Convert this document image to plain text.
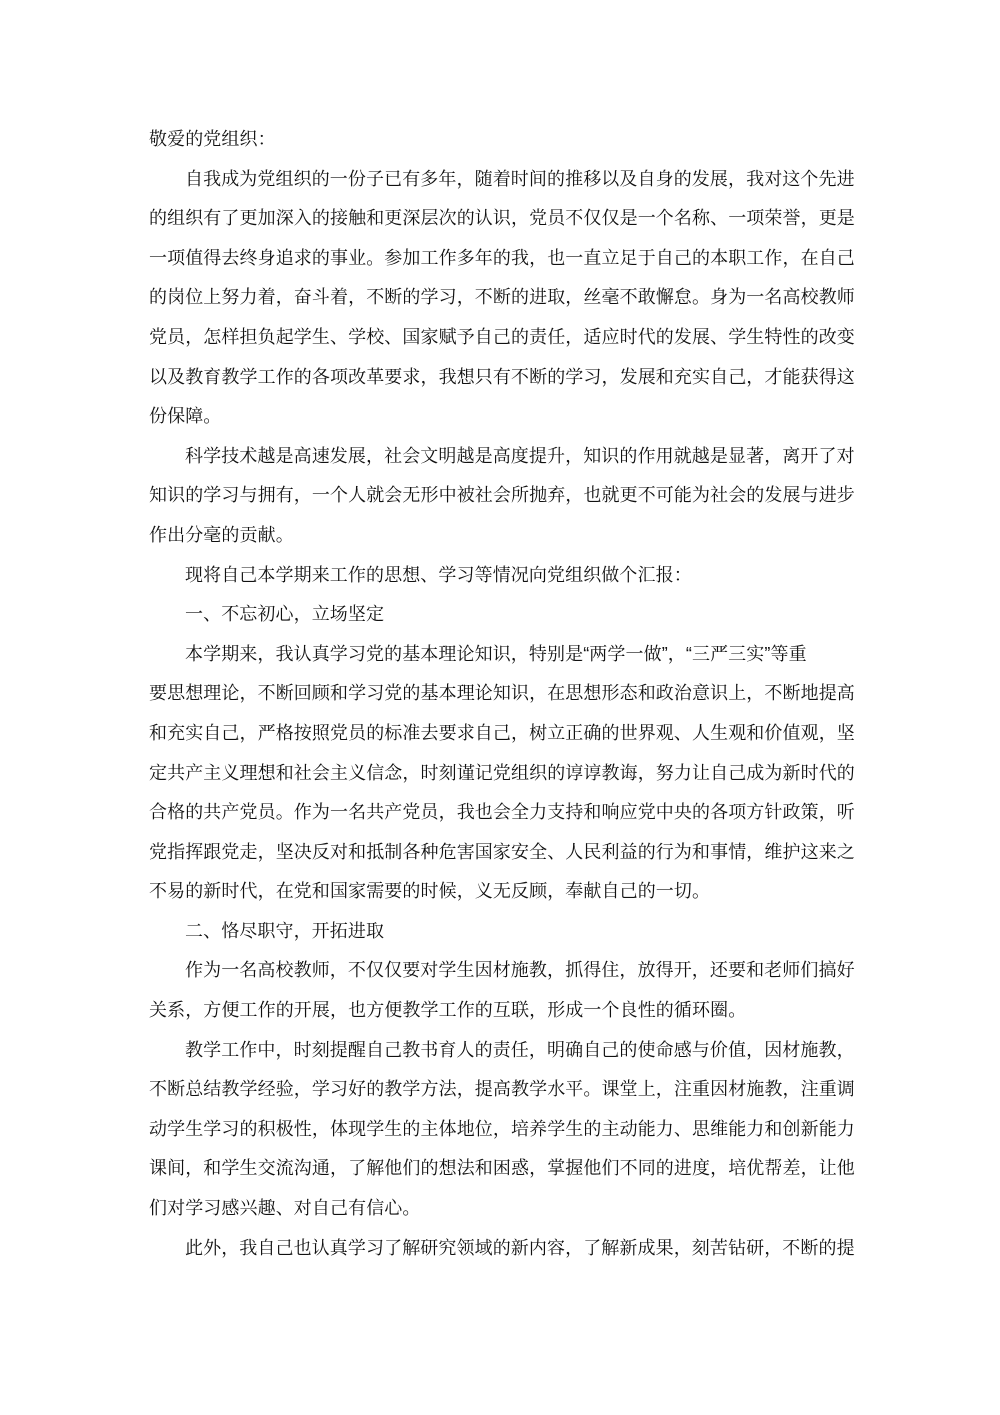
敬爱的党组织：
自我成为党组织的一份子已有多年，随着时间的推移以及自身的发展，我对这个先进
的组织有了更加深入的接触和更深层次的认识，党员不仅仅是一个名称、一项荣誉，更是
一项值得去终身追求的事业。参加工作多年的我，也一直立足于自己的本职工作，在自己
的岗位上努力着，奋斗着，不断的学习，不断的进取，丝毫不敢懈怠。身为一名高校教师
党员，怎样担负起学生、学校、国家赋予自己的责任，适应时代的发展、学生特性的改变
以及教育教学工作的各项改革要求，我想只有不断的学习，发展和充实自己，才能获得这
份保障。
科学技术越是高速发展，社会文明越是高度提升，知识的作用就越是显著，离开了对
知识的学习与拥有，一个人就会无形中被社会所抛弃，也就更不可能为社会的发展与进步
作出分毫的贡献。
现将自己本学期来工作的思想、学习等情况向党组织做个汇报：
一、不忘初心，立场坚定
本学期来，我认真学习党的基本理论知识，特别是“两学一做”，“三严三实”等重
要思想理论，不断回顾和学习党的基本理论知识，在思想形态和政治意识上，不断地提高
和充实自己，严格按照党员的标准去要求自己，树立正确的世界观、人生观和价值观，坚
定共产主义理想和社会主义信念，时刻谨记党组织的谆谆教诲，努力让自己成为新时代的
合格的共产党员。作为一名共产党员，我也会全力支持和响应党中央的各项方针政策，听
党指挥跟党走，坚决反对和抵制各种危害国家安全、人民利益的行为和事情，维护这来之
不易的新时代，在党和国家需要的时候，义无反顾，奉献自己的一切。
二、恪尽职守，开拓进取
作为一名高校教师，不仅仅要对学生因材施教，抓得住，放得开，还要和老师们搞好
关系，方便工作的开展，也方便教学工作的互联，形成一个良性的循环圈。
教学工作中，时刻提醒自己教书育人的责任，明确自己的使命感与价值，因材施教，
不断总结教学经验，学习好的教学方法，提高教学水平。课堂上，注重因材施教，注重调
动学生学习的积极性，体现学生的主体地位，培养学生的主动能力、思维能力和创新能力
课间，和学生交流沟通，了解他们的想法和困惑，掌握他们不同的进度，培优帮差，让他
们对学习感兴趣、对自己有信心。
此外，我自己也认真学习了解研究领域的新内容，了解新成果，刻苦钻研，不断的提
